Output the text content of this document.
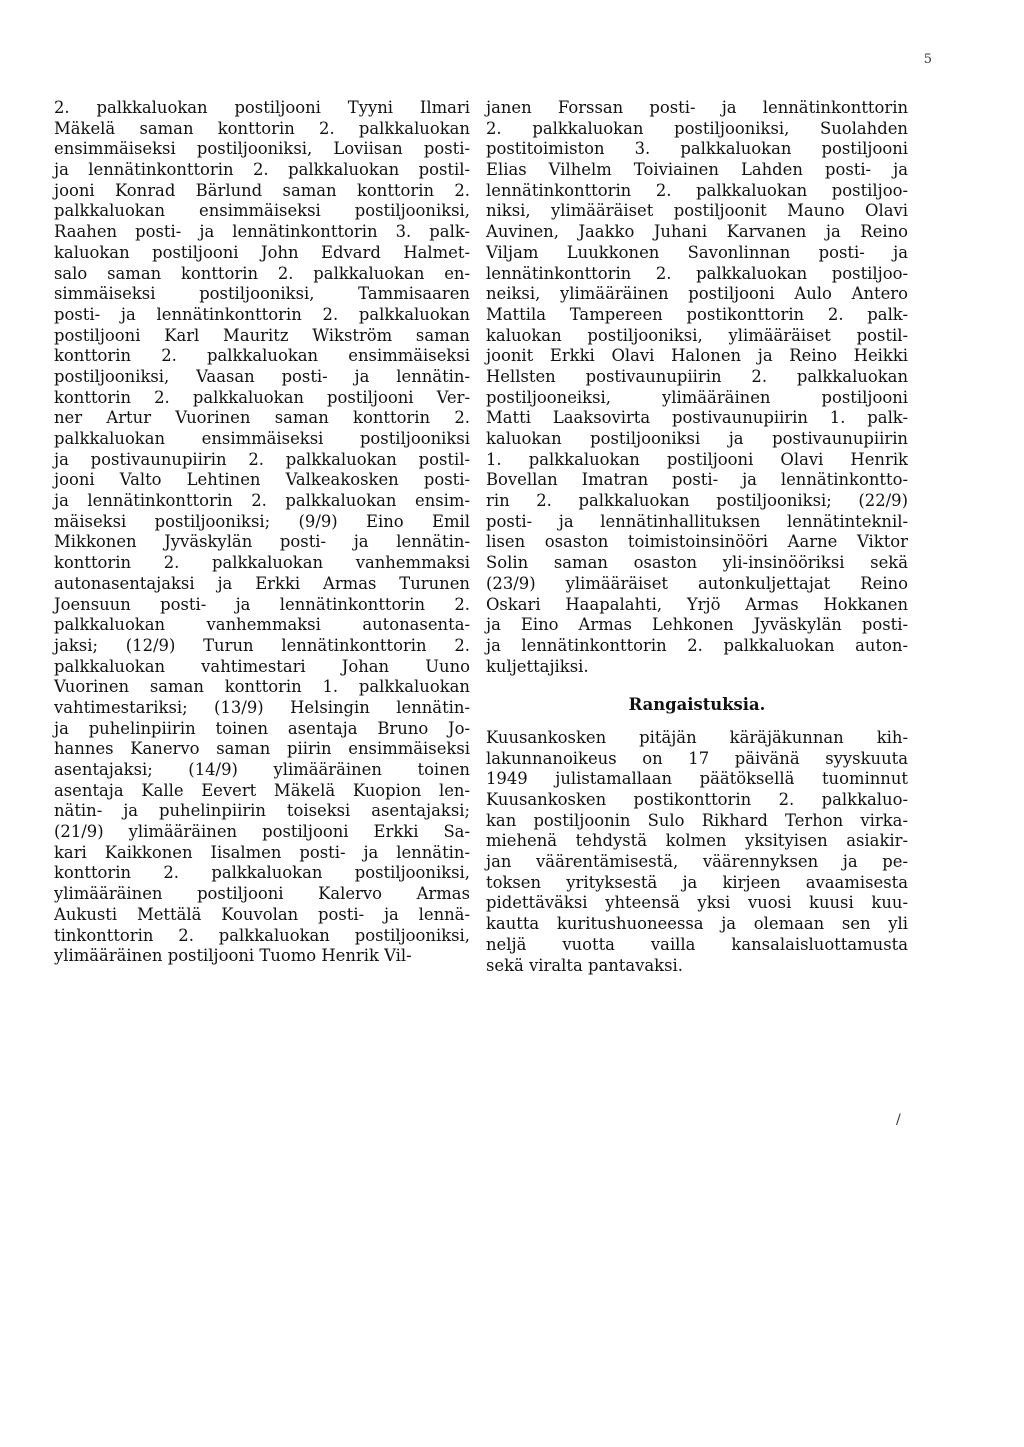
5
2. palkkaluokan postiljooni Tyyni Ilmari
Mäkelä saman konttorin 2. palkkaluokan
ensimmäiseksi postiljooniksi, Loviisan posti-
ja lennätinkonttorin 2. palkkaluokan postil-
jooni Konrad Bärlund saman konttorin 2.
palkkaluokan ensimmäiseksi postiljooniksi,
Raahen posti- ja lennätinkonttorin 3. palk-
kaluokan postiljooni John Edvard Halmet-
salo saman konttorin 2. palkkaluokan en-
simmäiseksi postiljooniksi, Tammisaaren
posti- ja lennätinkonttorin 2. palkkaluokan
postiljooni Karl Mauritz Wikström saman
konttorin 2. palkkaluokan ensimmäiseksi
postiljooniksi, Vaasan posti- ja lennätin-
konttorin 2. palkkaluokan postiljooni Ver-
ner Artur Vuorinen saman konttorin 2.
palkkaluokan ensimmäiseksi postiljooniksi
ja postivaunupiirin 2. palkkaluokan postil-
jooni Valto Lehtinen Valkeakosken posti-
ja lennätinkonttorin 2. palkkaluokan ensim-
mäiseksi postiljooniksi; (9/9) Eino Emil
Mikkonen Jyväskylän posti- ja lennätin-
konttorin 2. palkkaluokan vanhemmaksi
autonasentajaksi ja Erkki Armas Turunen
Joensuun posti- ja lennätinkonttorin 2.
palkkaluokan vanhemmaksi autonasenta-
jaksi; (12/9) Turun lennätinkonttorin 2.
palkkaluokan vahtimestari Johan Uuno
Vuorinen saman konttorin 1. palkkaluokan
vahtimestariksi; (13/9) Helsingin lennätin-
ja puhelinpiirin toinen asentaja Bruno Jo-
hannes Kanervo saman piirin ensimmäiseksi
asentajaksi; (14/9) ylimääräinen toinen
asentaja Kalle Eevert Mäkelä Kuopion len-
nätin- ja puhelinpiirin toiseksi asentajaksi;
(21/9) ylimääräinen postiljooni Erkki Sa-
kari Kaikkonen Iisalmen posti- ja lennätin-
konttorin 2. palkkaluokan postiljooniksi,
ylimääräinen postiljooni Kalervo Armas
Aukusti Mettälä Kouvolan posti- ja lennä-
tinkonttorin 2. palkkaluokan postiljooniksi,
ylimääräinen postiljooni Tuomo Henrik Vil-
janen Forssan posti- ja lennätinkonttorin
2. palkkaluokan postiljooniksi, Suolahden
postitoimiston 3. palkkaluokan postiljooni
Elias Vilhelm Toiviainen Lahden posti- ja
lennätinkonttorin 2. palkkaluokan postiljoo-
niksi, ylimääräiset postiljoonit Mauno Olavi
Auvinen, Jaakko Juhani Karvanen ja Reino
Viljam Luukkonen Savonlinnan posti- ja
lennätinkonttorin 2. palkkaluokan postiljoo-
neiksi, ylimääräinen postiljooni Aulo Antero
Mattila Tampereen postikonttorin 2. palk-
kaluokan postiljooniksi, ylimääräiset postil-
joonit Erkki Olavi Halonen ja Reino Heikki
Hellsten postivaunupiirin 2. palkkaluokan
postiljooneiksi, ylimääräinen postiljooni
Matti Laaksovirta postivaunupiirin 1. palk-
kaluokan postiljooniksi ja postivaunupiirin
1. palkkaluokan postiljooni Olavi Henrik
Bovellan Imatran posti- ja lennätinkontto-
rin 2. palkkaluokan postiljooniksi; (22/9)
posti- ja lennätinhallituksen lennätinteknil-
lisen osaston toimistoinsinööri Aarne Viktor
Solin saman osaston yli-insinööriksi sekä
(23/9) ylimääräiset autonkuljettajat Reino
Oskari Haapalahti, Yrjö Armas Hokkanen
ja Eino Armas Lehkonen Jyväskylän posti-
ja lennätinkonttorin 2. palkkaluokan auton-
kuljettajiksi.
Rangaistuksia.
Kuusankosken pitäjän käräjäkunnan kih-
lakunnanoikeus on 17 päivänä syyskuuta
1949 julistamallaan päätöksellä tuominnut
Kuusankosken postikonttorin 2. palkkaluo-
kan postiljoonin Sulo Rikhard Terhon virka-
miehenä tehdystä kolmen yksityisen asiakir-
jan väärentämisestä, väärennyksen ja pe-
toksen yrityksestä ja kirjeen avaamisesta
pidettäväksi yhteensä yksi vuosi kuusi kuu-
kautta kuritushuoneessa ja olemaan sen yli
neljä vuotta vailla kansalaisluottamusta
sekä viralta pantavaksi.
/
